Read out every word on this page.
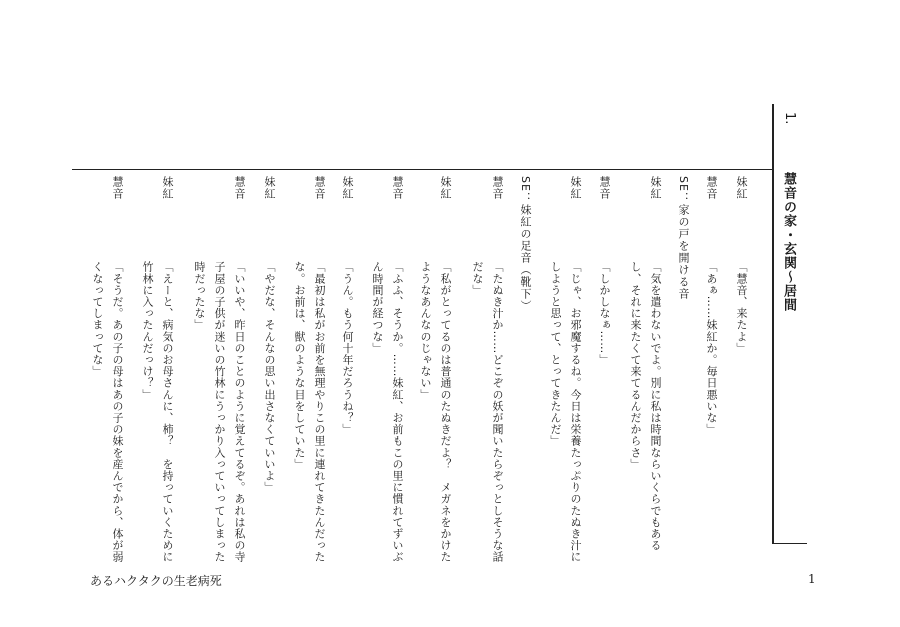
1.
慧音の家・玄関〜居間
妹紅
「慧音、来たよ」
慧音
「あぁ……妹紅か。毎日悪いな」
SE：家の戸を開ける音
妹紅
「気を遣わないでよ。別に私は時間ならいくらでもある
し、それに来たくて来てるんだからさ」
慧音
「しかしなぁ……」
妹紅
「じゃ、お邪魔するね。今日は栄養たっぷりのたぬき汁に
しようと思って、とってきたんだ」
SE：妹紅の足音（靴下）
慧音
「たぬき汁か……どこぞの妖が聞いたらぞっとしそうな話
だな」
妹紅
「私がとってるのは普通のたぬきだよ？　メガネをかけた
ようなあんなのじゃない」
慧音
「ふふ、そうか。……妹紅、お前もこの里に慣れてずいぶ
ん時間が経つな」
妹紅
「うん。もう何十年だろうね？」
慧音
「最初は私がお前を無理やりこの里に連れてきたんだった
な。お前は、獣のような目をしていた」
妹紅
「やだな、そんなの思い出さなくていいよ」
慧音
「いいや、昨日のことのように覚えてるぞ。あれは私の寺
子屋の子供が迷いの竹林にうっかり入っていってしまった
時だったな」
妹紅
「えーと、病気のお母さんに、柿？　を持っていくために
竹林に入ったんだっけ？」
慧音
「そうだ。あの子の母はあの子の妹を産んでから、体が弱
くなってしまってな」
あるハクタクの生老病死	1
